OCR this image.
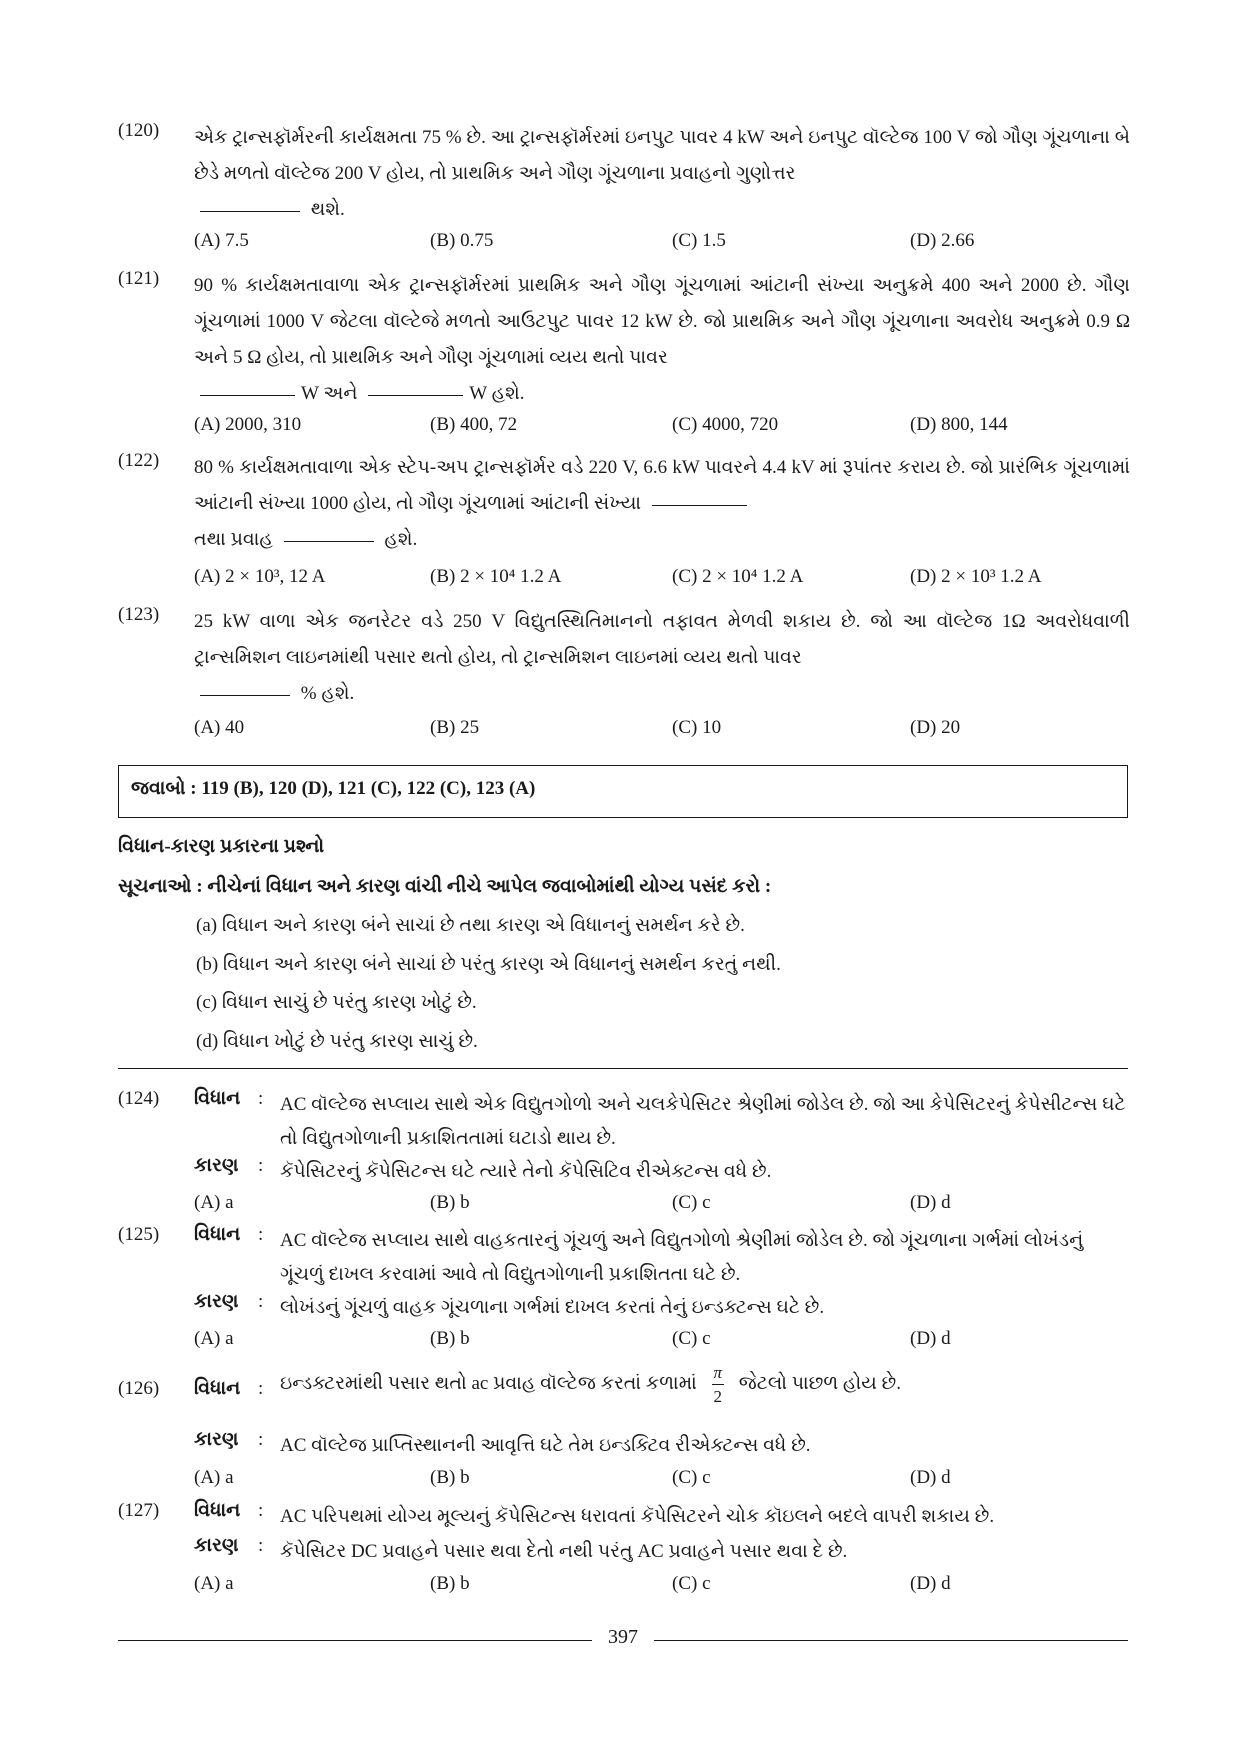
(120)	એક ટ્રાન્સફૉર્મરની કાર્યક્ષમતા 75 % છે. આ ટ્રાન્સફૉર્મરમાં ઇનપુટ પાવર 4 kW અને ઇનપુટ વૉલ્ટેજ 100 V જો ગૌણ ગૂંચળાના બે છેડે મળતો વૉલ્ટેજ 200 V હોય, તો પ્રાથમિક અને ગૌણ ગૂંચળાના પ્રવાહનો ગુણોત્તર
થશે.
(A) 7.5	(B) 0.75	(C) 1.5	(D) 2.66
(121)	90 % કાર્યક્ષમતાવાળા એક ટ્રાન્સફૉર્મરમાં પ્રાથમિક અને ગૌણ ગૂંચળામાં આંટાની સંખ્યા અનુક્રમે 400 અને 2000 છે. ગૌણ ગૂંચળામાં 1000 V જેટલા વૉલ્ટેજે મળતો આઉટપુટ પાવર 12 kW છે. જો પ્રાથમિક અને ગૌણ ગૂંચળાના અવરોધ અનુક્રમે 0.9 Ω અને 5 Ω હોય, તો પ્રાથમિક અને ગૌણ ગૂંચળામાં વ્યય થતો પાવર
W અને	W હશે.
(A) 2000, 310	(B) 400, 72	(C) 4000, 720	(D) 800, 144
(122)	80 % કાર્યક્ષમતાવાળા એક સ્ટેપ-અપ ટ્રાન્સફૉર્મર વડે 220 V, 6.6 kW પાવરને 4.4 kV માં રૂપાંતર કરાય છે. જો પ્રારંભિક ગૂંચળામાં આંટાની સંખ્યા 1000 હોય, તો ગૌણ ગૂંચળામાં આંટાની સંખ્યા
તથા પ્રવાહ	હશે.
(A) 2 × 10³, 12 A	(B) 2 × 10⁴ 1.2 A	(C) 2 × 10⁴ 1.2 A	(D) 2 × 10³ 1.2 A
(123)	25 kW વાળા એક જનરેટર વડે 250 V વિદ્યુતસ્થિતિમાનનો તફાવત મેળવી શકાય છે. જો આ વૉલ્ટેજ 1Ω અવરોધવાળી ટ્રાન્સમિશન લાઇનમાંથી પસાર થતો હોય, તો ટ્રાન્સમિશન લાઇનમાં વ્યય થતો પાવર
% હશે.
(A) 40	(B) 25	(C) 10	(D) 20
જવાબો : 119 (B), 120 (D), 121 (C), 122 (C), 123 (A)
વિધાન-કારણ પ્રકારના પ્રશ્નો
સૂચનાઓ : નીચેનાં વિધાન અને કારણ વાંચી નીચે આપેલ જવાબોમાંથી યોગ્ય પસંદ કરો :
(a) વિધાન અને કારણ બંને સાચાં છે તથા કારણ એ વિધાનનું સમર્થન કરે છે.
(b) વિધાન અને કારણ બંને સાચાં છે પરંતુ કારણ એ વિધાનનું સમર્થન કરતું નથી.
(c) વિધાન સાચું છે પરંતુ કારણ ખોટું છે.
(d) વિધાન ખોટું છે પરંતુ કારણ સાચું છે.
(124)	વિધાન : AC વૉલ્ટેજ સપ્લાય સાથે એક વિદ્યુતગોળો અને ચલકેપેસિટર શ્રેણીમાં જોડેલ છે. જો આ કેપેસિટરનું કેપેસીટન્સ ઘટે તો વિદ્યુતગોળાની પ્રકાશિતતામાં ઘટાડો થાય છે.
કારણ : કૅપેસિટરનું કૅપેસિટન્સ ઘટે ત્યારે તેનો કૅપેસિટિવ રીએક્ટન્સ વધે છે.
(A) a	(B) b	(C) c	(D) d
(125)	વિધાન : AC વૉલ્ટેજ સપ્લાય સાથે વાહકતારનું ગૂંચળું અને વિદ્યુતગોળો શ્રેણીમાં જોડેલ છે. જો ગૂંચળાના ગર્ભમાં લોખંડનું ગૂંચળું દાખલ કરવામાં આવે તો વિદ્યુતગોળાની પ્રકાશિતતા ઘટે છે.
કારણ : લોખંડનું ગૂંચળું વાહક ગૂંચળાના ગર્ભમાં દાખલ કરતાં તેનું ઇન્ડક્ટન્સ ઘટે છે.
(A) a	(B) b	(C) c	(D) d
(126)	વિધાન : ઇન્ડક્ટરમાંથી પસાર થતો ac પ્રવાહ વૉલ્ટેજ કરતાં કળામાં $\frac{\pi}{2}$ જેટલો પાછળ હોય છે.
કારણ : AC વૉલ્ટેજ પ્રાપ્તિસ્થાનની આવૃત્તિ ઘટે તેમ ઇન્ડક્ટિવ રીએક્ટન્સ વધે છે.
(A) a	(B) b	(C) c	(D) d
(127)	વિધાન : AC પરિપથમાં યોગ્ય મૂલ્યનું કૅપેસિટન્સ ધરાવતાં કૅપેસિટરને ચોક કૉઇલને બદલે વાપરી શકાય છે.
કારણ : કૅપેસિટર DC પ્રવાહને પસાર થવા દેતો નથી પરંતુ AC પ્રવાહને પસાર થવા દે છે.
(A) a	(B) b	(C) c	(D) d
397
